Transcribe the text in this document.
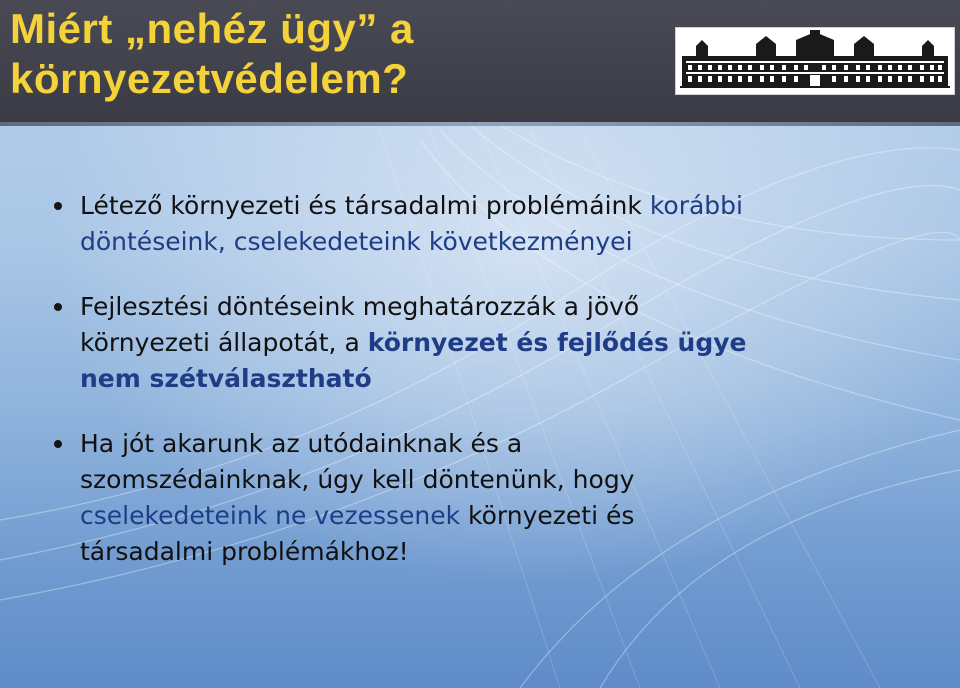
Miért „nehéz ügy” a környezetvédelem?
Létező környezeti és társadalmi problémáink korábbi döntéseink, cselekedeteink következményei
Fejlesztési döntéseink meghatározzák a jövő környezeti állapotát, a környezet és fejlődés ügye nem szétválasztható
Ha jót akarunk az utódainknak és a szomszédainknak, úgy kell döntenünk, hogy cselekedeteink ne vezessenek környezeti és társadalmi problémákhoz!
